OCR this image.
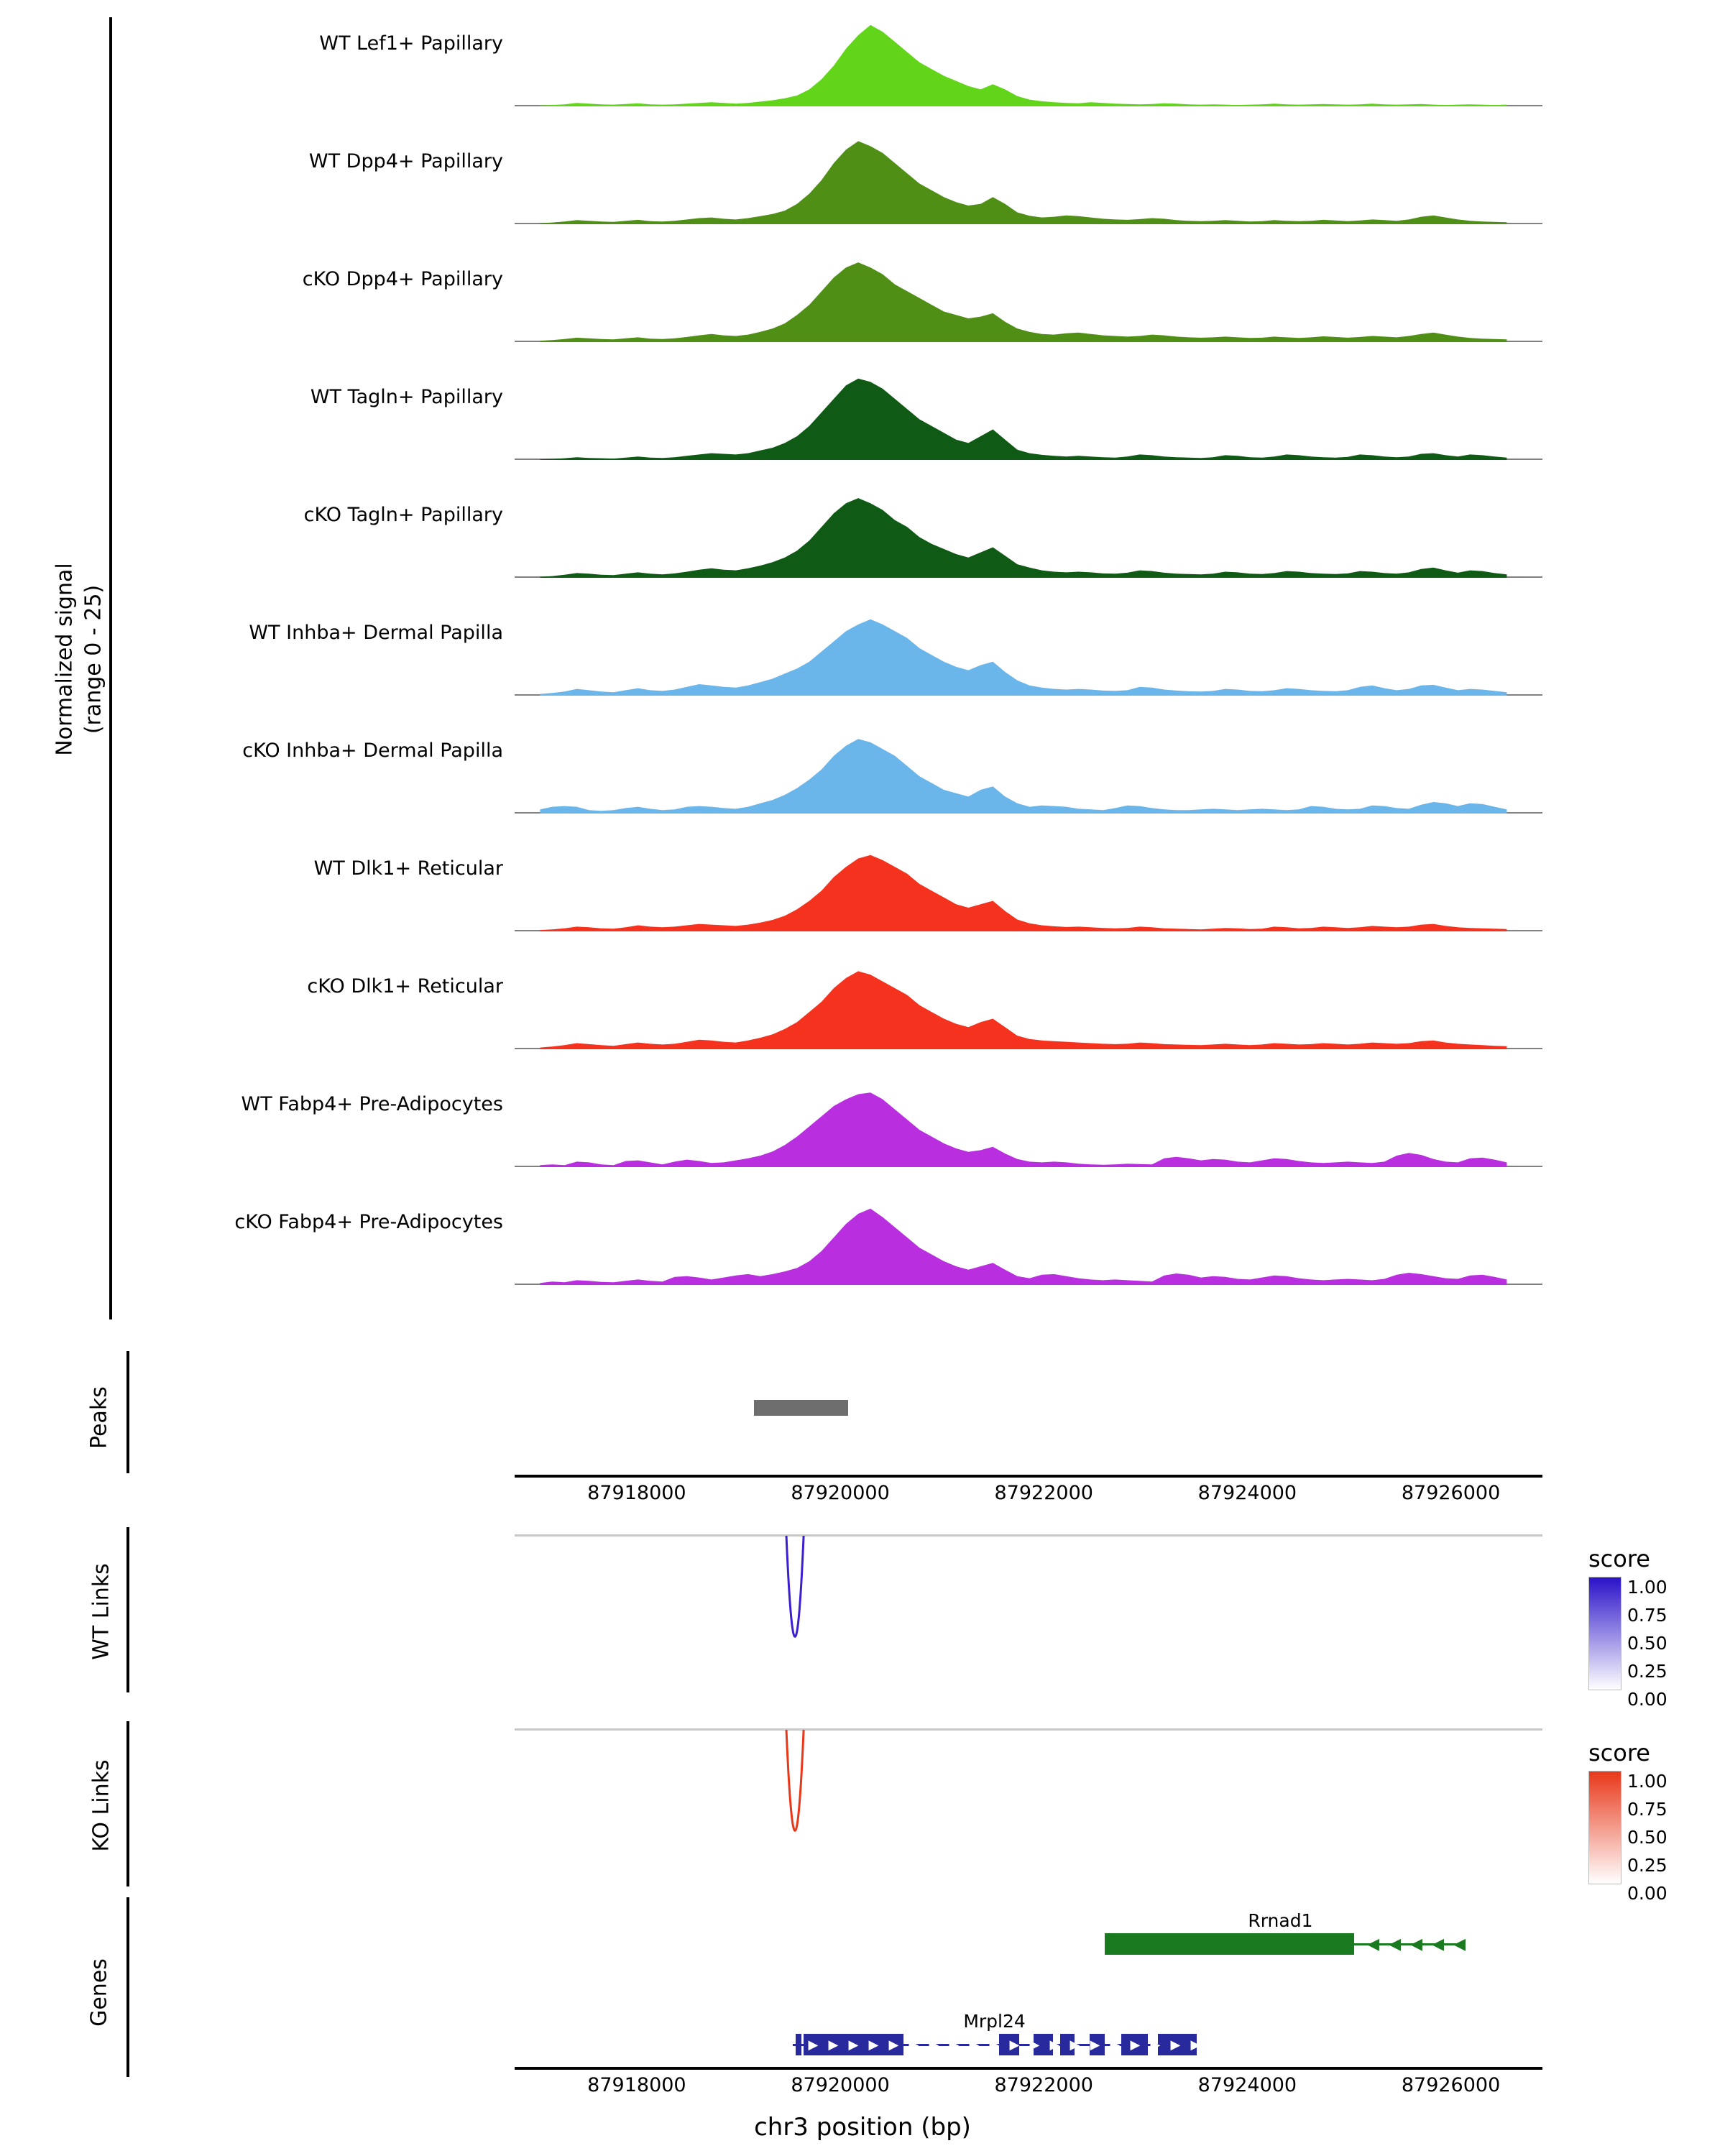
Normalized signal (range 0 - 25)
Peaks
87918000	87920000	87922000	87924000	87926000
WT Links
score
1.00
0.75
0.50
0.25
0.00
KO Links
score
1.00
0.75
0.50
0.25
0.00
Genes
◀ ◀ ◀ ◀ ◀
Rrnad1
▶ ▶ ▶ ▶ ▶ ▶ ▶ ▶ ▶ ▶ ▶ ▶ ▶ ▶ ▶ ▶ ▶ ▶ ▶ ▶
Mrpl24
87918000	87920000	87922000	87924000	87926000
chr3 position (bp)
WT Lef1+ Papillary
WT Dpp4+ Papillary
cKO Dpp4+ Papillary
WT Tagln+ Papillary
cKO Tagln+ Papillary
WT Inhba+ Dermal Papilla
cKO Inhba+ Dermal Papilla
WT Dlk1+ Reticular
cKO Dlk1+ Reticular
WT Fabp4+ Pre-Adipocytes
cKO Fabp4+ Pre-Adipocytes
